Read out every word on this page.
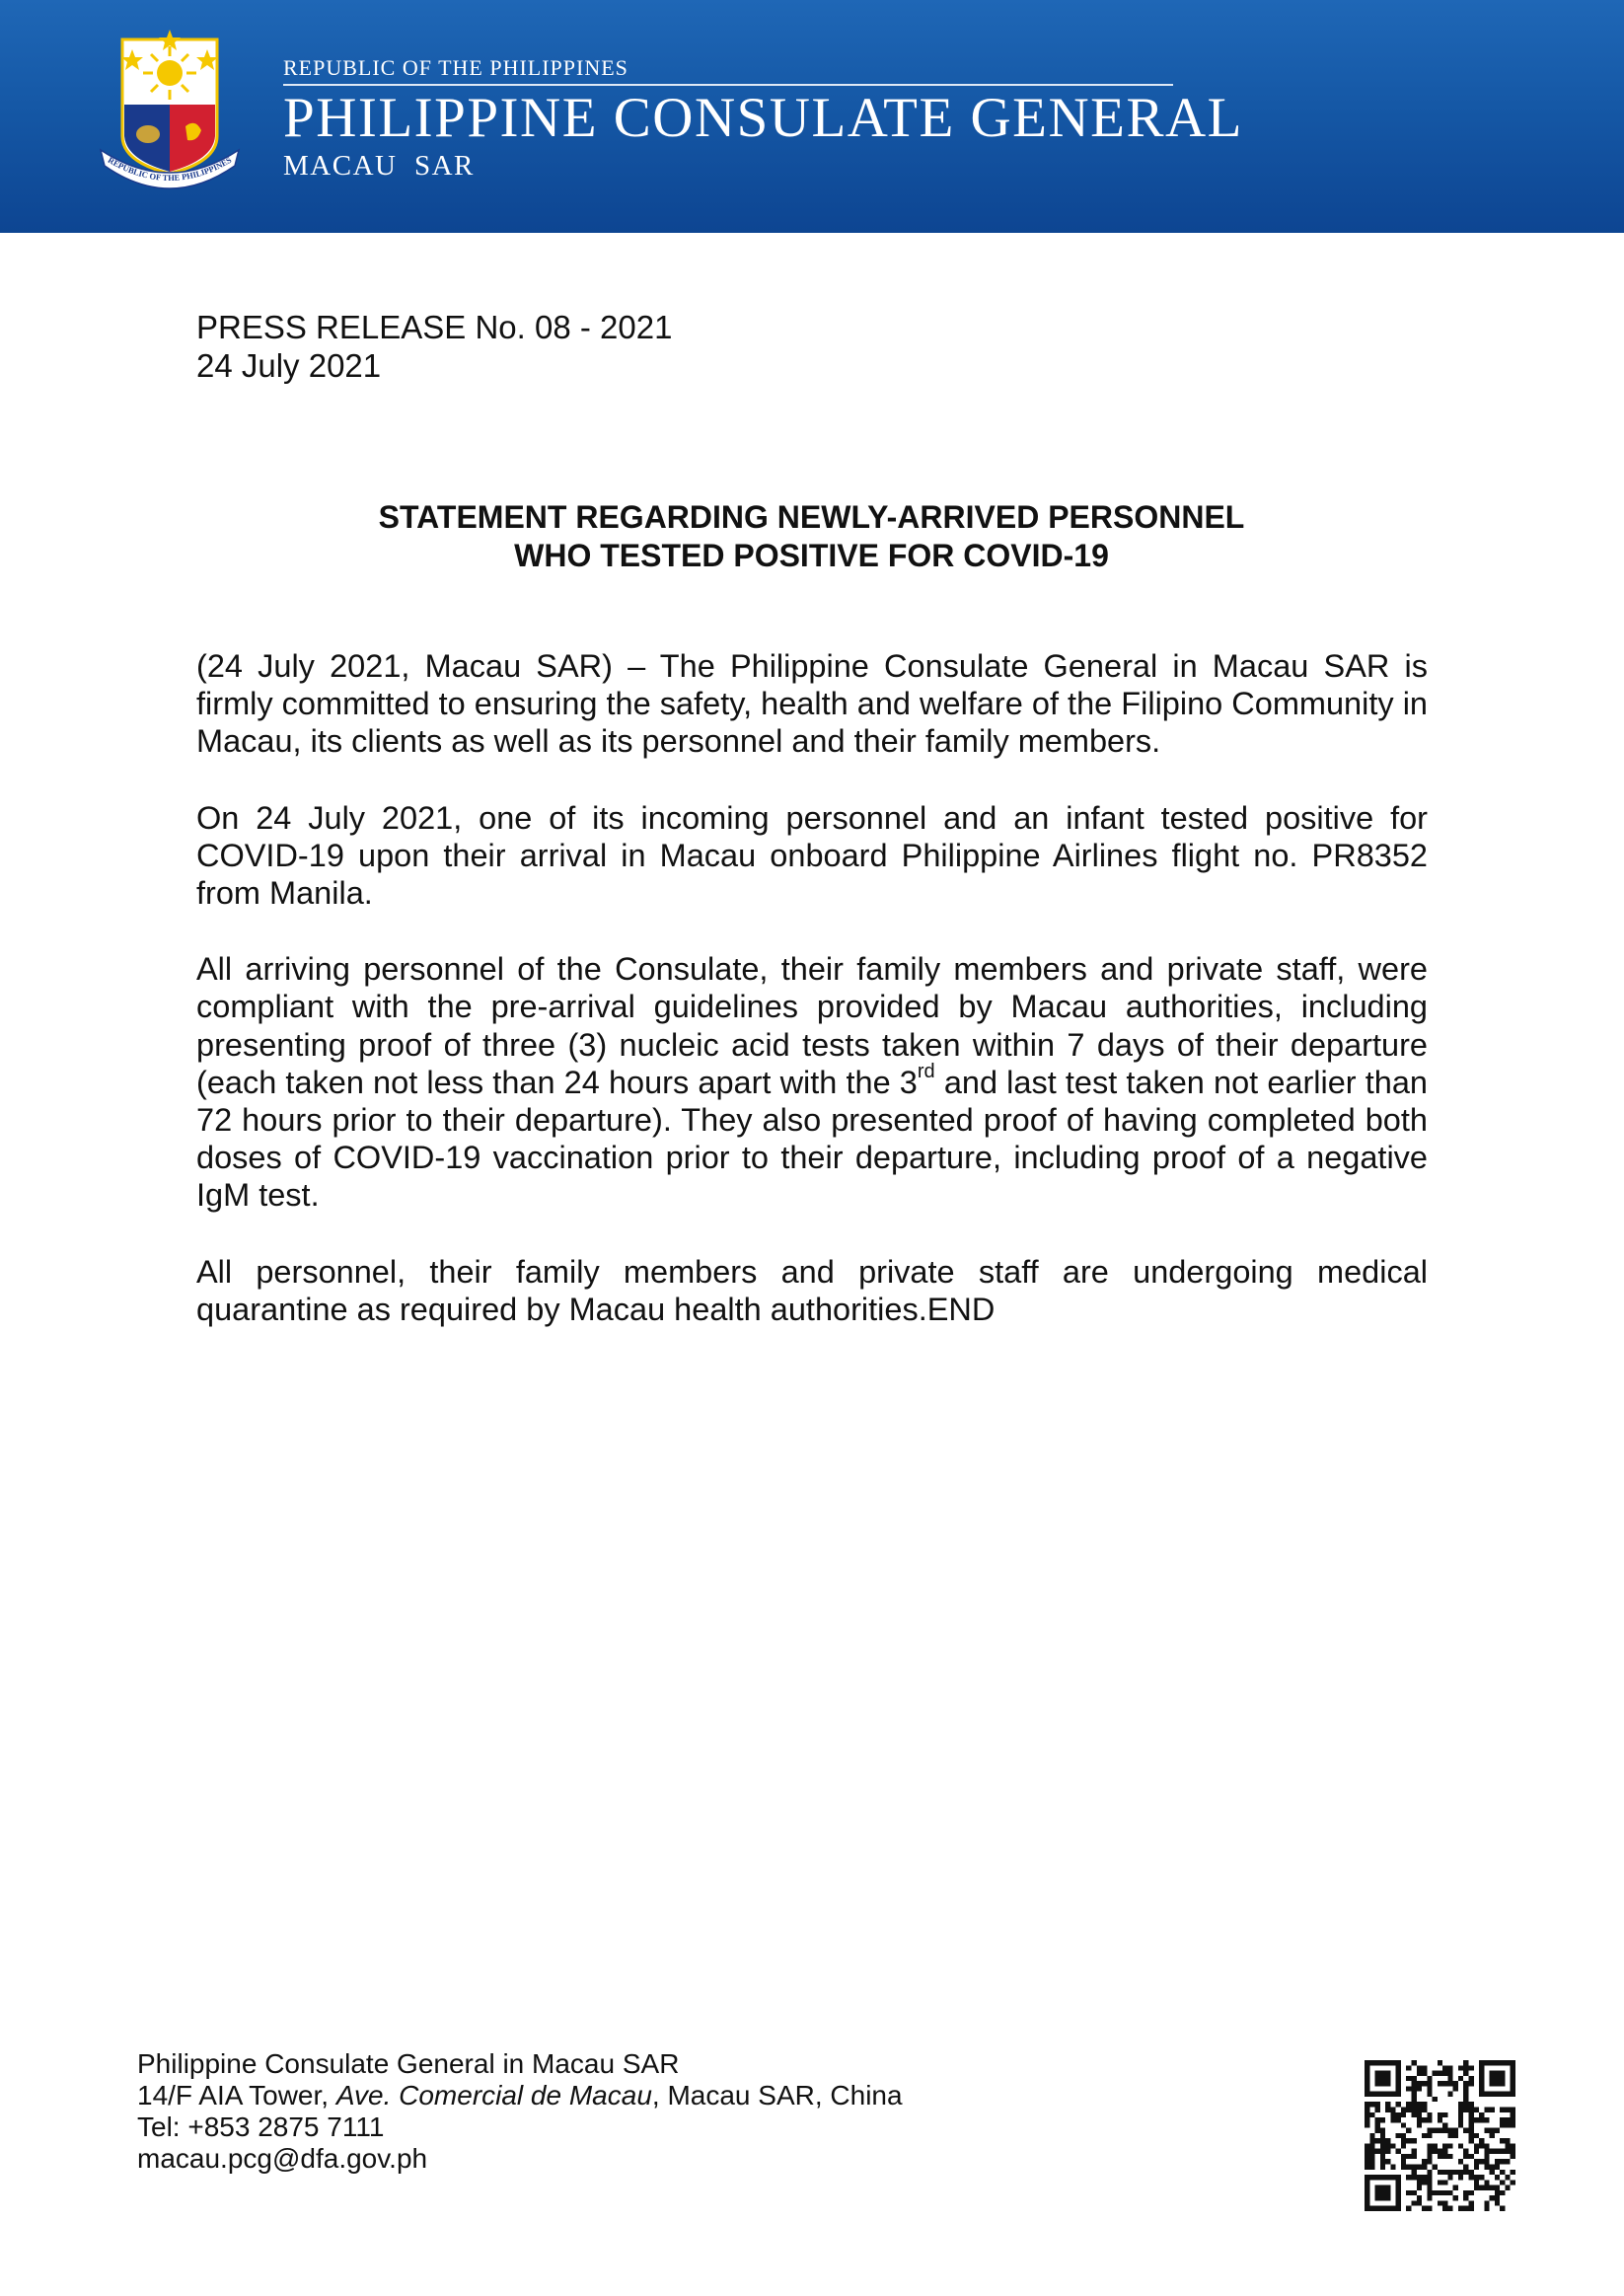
REPUBLIC OF THE PHILIPPINES
REPUBLIC OF THE PHILIPPINES
PHILIPPINE CONSULATE GENERAL
MACAU  SAR
PRESS RELEASE No. 08 - 2021
24 July 2021
STATEMENT REGARDING NEWLY-ARRIVED PERSONNEL
WHO TESTED POSITIVE FOR COVID-19

(24 July 2021, Macau SAR) – The Philippine Consulate General in Macau SAR is firmly committed to ensuring the safety, health and welfare of the Filipino Community in Macau, its clients as well as its personnel and their family members.

On 24 July 2021, one of its incoming personnel and an infant tested positive for COVID-19 upon their arrival in Macau onboard Philippine Airlines flight no. PR8352 from Manila.

All arriving personnel of the Consulate, their family members and private staff, were compliant with the pre-arrival guidelines provided by Macau authorities, including presenting proof of three (3) nucleic acid tests taken within 7 days of their departure (each taken not less than 24 hours apart with the 3rd and last test taken not earlier than 72 hours prior to their departure). They also presented proof of having completed both doses of COVID-19 vaccination prior to their departure, including proof of a negative IgM test.

All personnel, their family members and private staff are undergoing medical quarantine as required by Macau health authorities.END

Philippine Consulate General in Macau SAR
14/F AIA Tower, Ave. Comercial de Macau, Macau SAR, China
Tel: +853 2875 7111
macau.pcg@dfa.gov.ph
